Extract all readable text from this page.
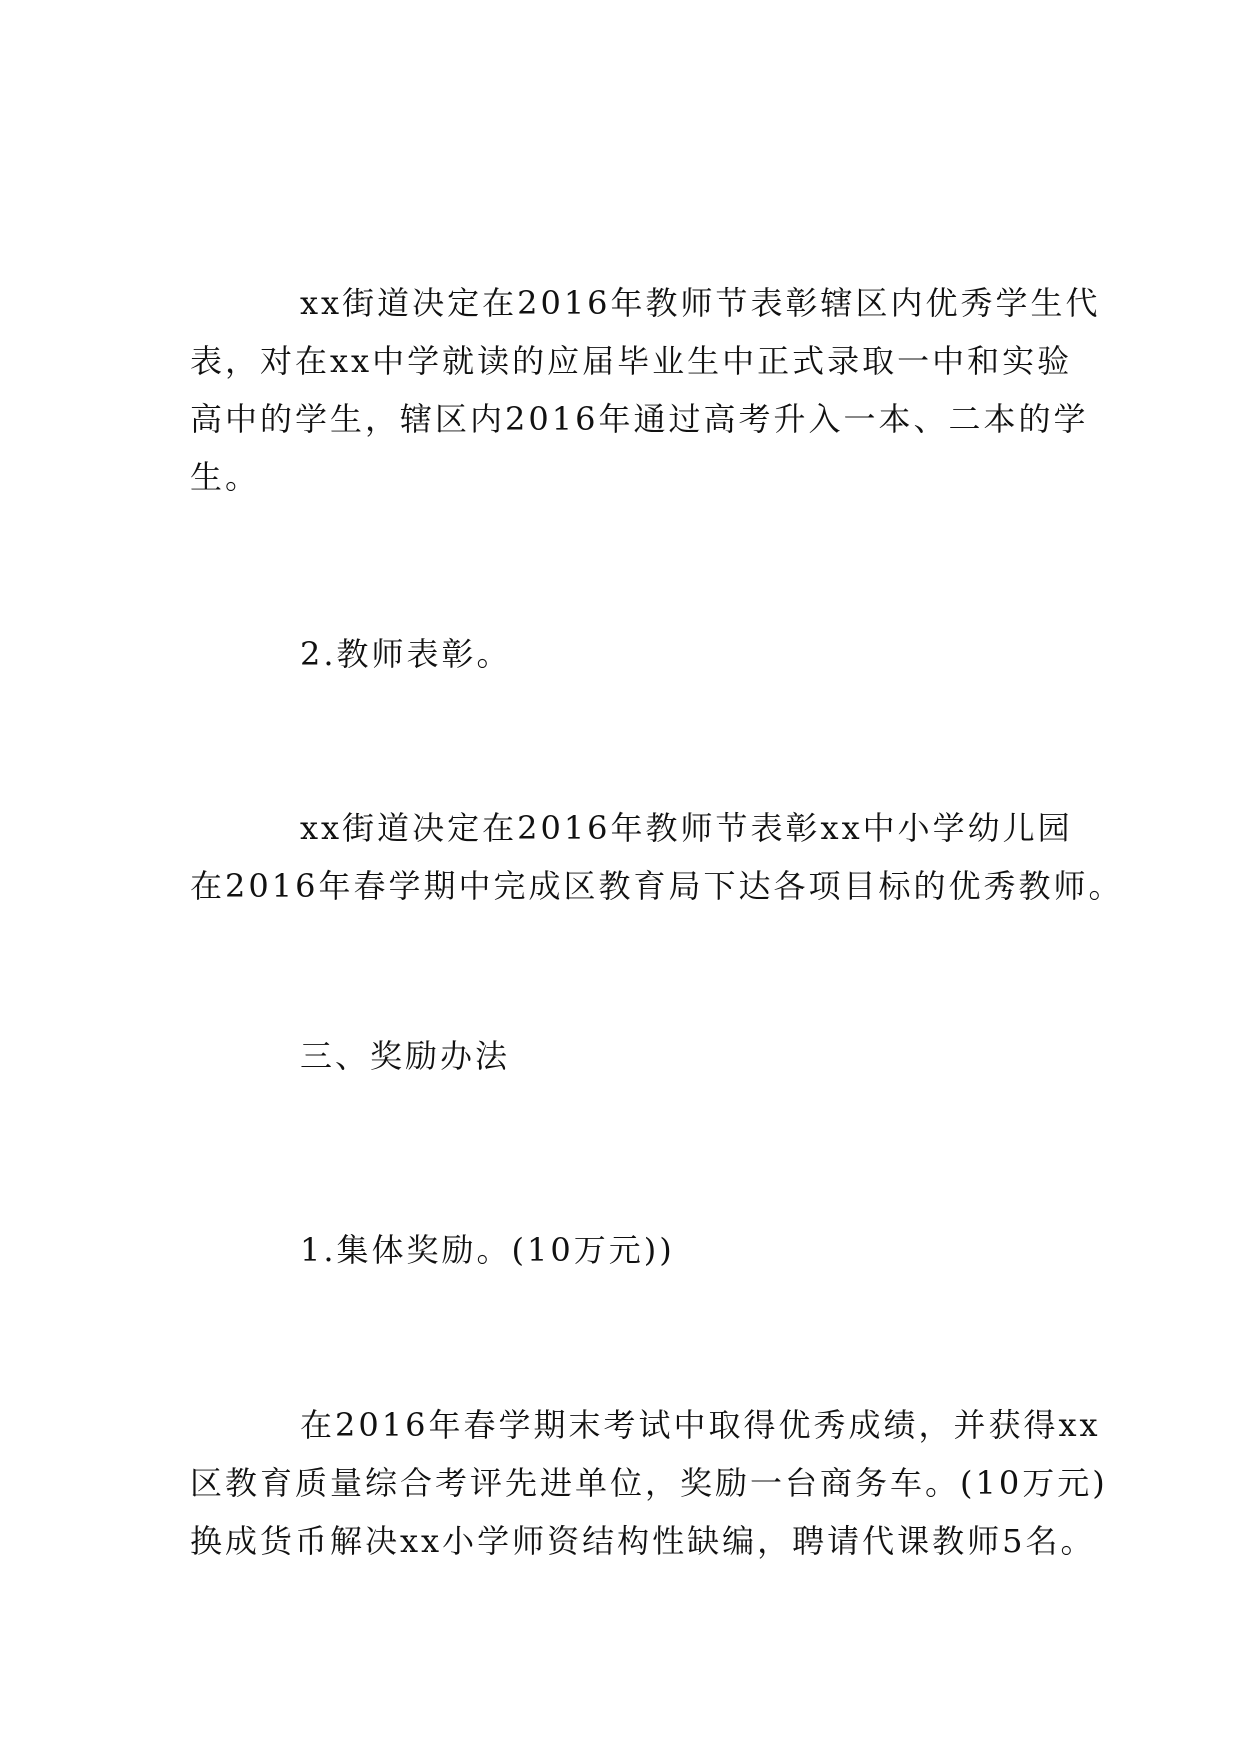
xx街道决定在2016年教师节表彰辖区内优秀学生代
表，对在xx中学就读的应届毕业生中正式录取一中和实验
高中的学生，辖区内2016年通过高考升入一本、二本的学
生。

2.教师表彰。

xx街道决定在2016年教师节表彰xx中小学幼儿园
在2016年春学期中完成区教育局下达各项目标的优秀教师。

三、奖励办法

1.集体奖励。(10万元))

在2016年春学期末考试中取得优秀成绩，并获得xx
区教育质量综合考评先进单位，奖励一台商务车。(10万元)
换成货币解决xx小学师资结构性缺编，聘请代课教师5名。
